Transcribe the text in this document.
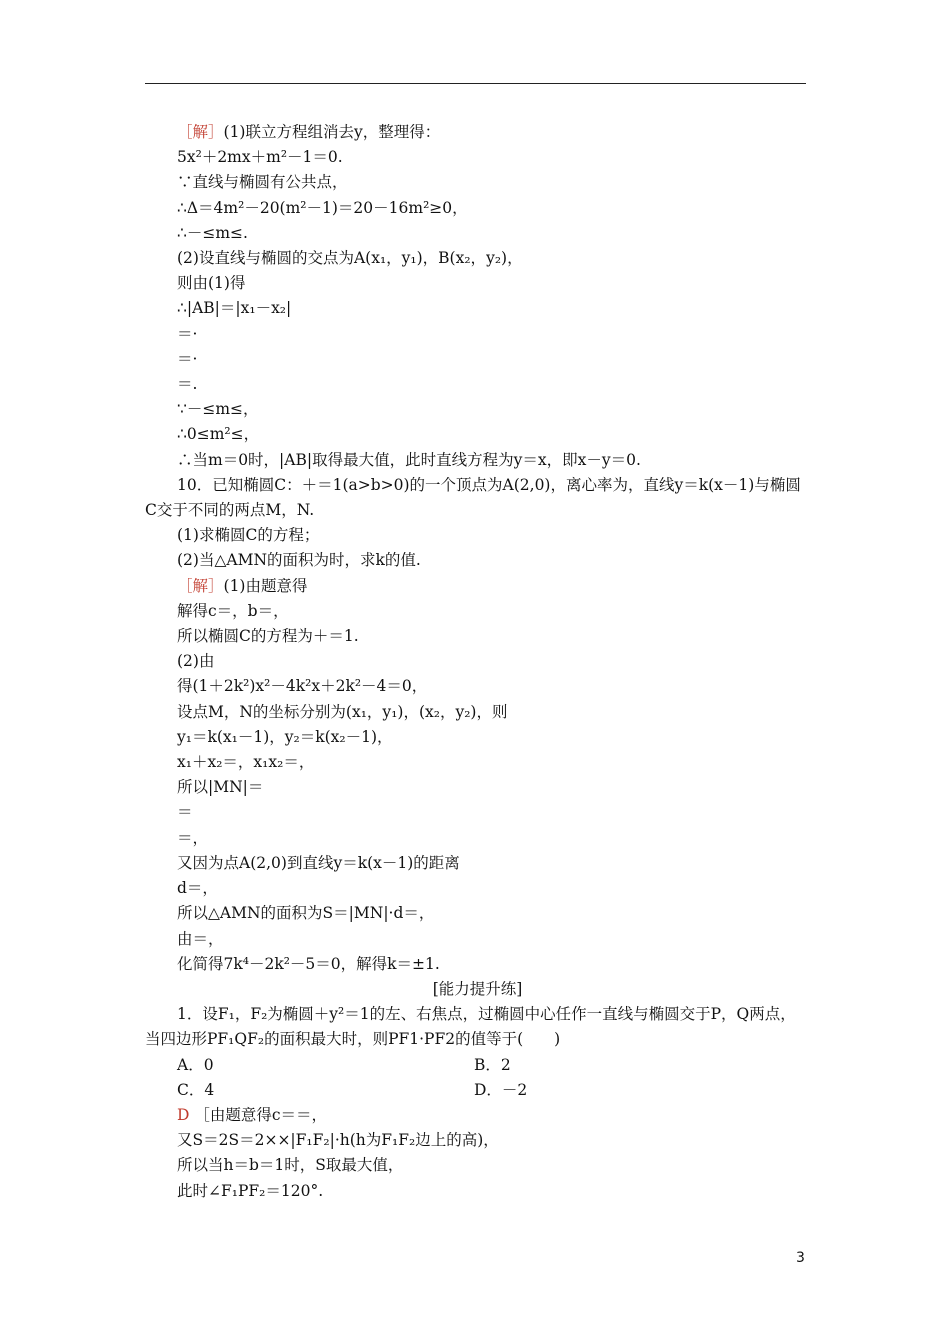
［解］(1)联立方程组消去y，整理得：
5x²＋2mx＋m²－1＝0.
∵直线与椭圆有公共点，
∴Δ＝4m²－20(m²－1)＝20－16m²≥0，
∴－≤m≤.
(2)设直线与椭圆的交点为A(x₁，y₁)，B(x₂，y₂)，
则由(1)得
∴|AB|＝|x₁－x₂|
＝·
＝·
＝.
∵－≤m≤，
∴0≤m²≤，
∴当m＝0时，|AB|取得最大值，此时直线方程为y＝x，即x－y＝0.
10．已知椭圆C：＋＝1(a>b>0)的一个顶点为A(2,0)，离心率为，直线y＝k(x－1)与椭圆
C交于不同的两点M，N.
(1)求椭圆C的方程；
(2)当△AMN的面积为时，求k的值.
［解］(1)由题意得
解得c＝，b＝，
所以椭圆C的方程为＋＝1.
(2)由
得(1＋2k²)x²－4k²x＋2k²－4＝0，
设点M，N的坐标分别为(x₁，y₁)，(x₂，y₂)，则
y₁＝k(x₁－1)，y₂＝k(x₂－1)，
x₁＋x₂＝，x₁x₂＝，
所以|MN|＝
＝
＝，
又因为点A(2,0)到直线y＝k(x－1)的距离
d＝，
所以△AMN的面积为S＝|MN|·d＝，
由＝，
化简得7k⁴－2k²－5＝0，解得k＝±1.
[能力提升练]
1．设F₁，F₂为椭圆＋y²＝1的左、右焦点，过椭圆中心任作一直线与椭圆交于P，Q两点，
当四边形PF₁QF₂的面积最大时，则PF1·PF2的值等于(　　)
A．0	B．2
C．4	D．－2
D ［由题意得c＝＝，
又S＝2S＝2××|F₁F₂|·h(h为F₁F₂边上的高)，
所以当h＝b＝1时，S取最大值，
此时∠F₁PF₂＝120°.
3
